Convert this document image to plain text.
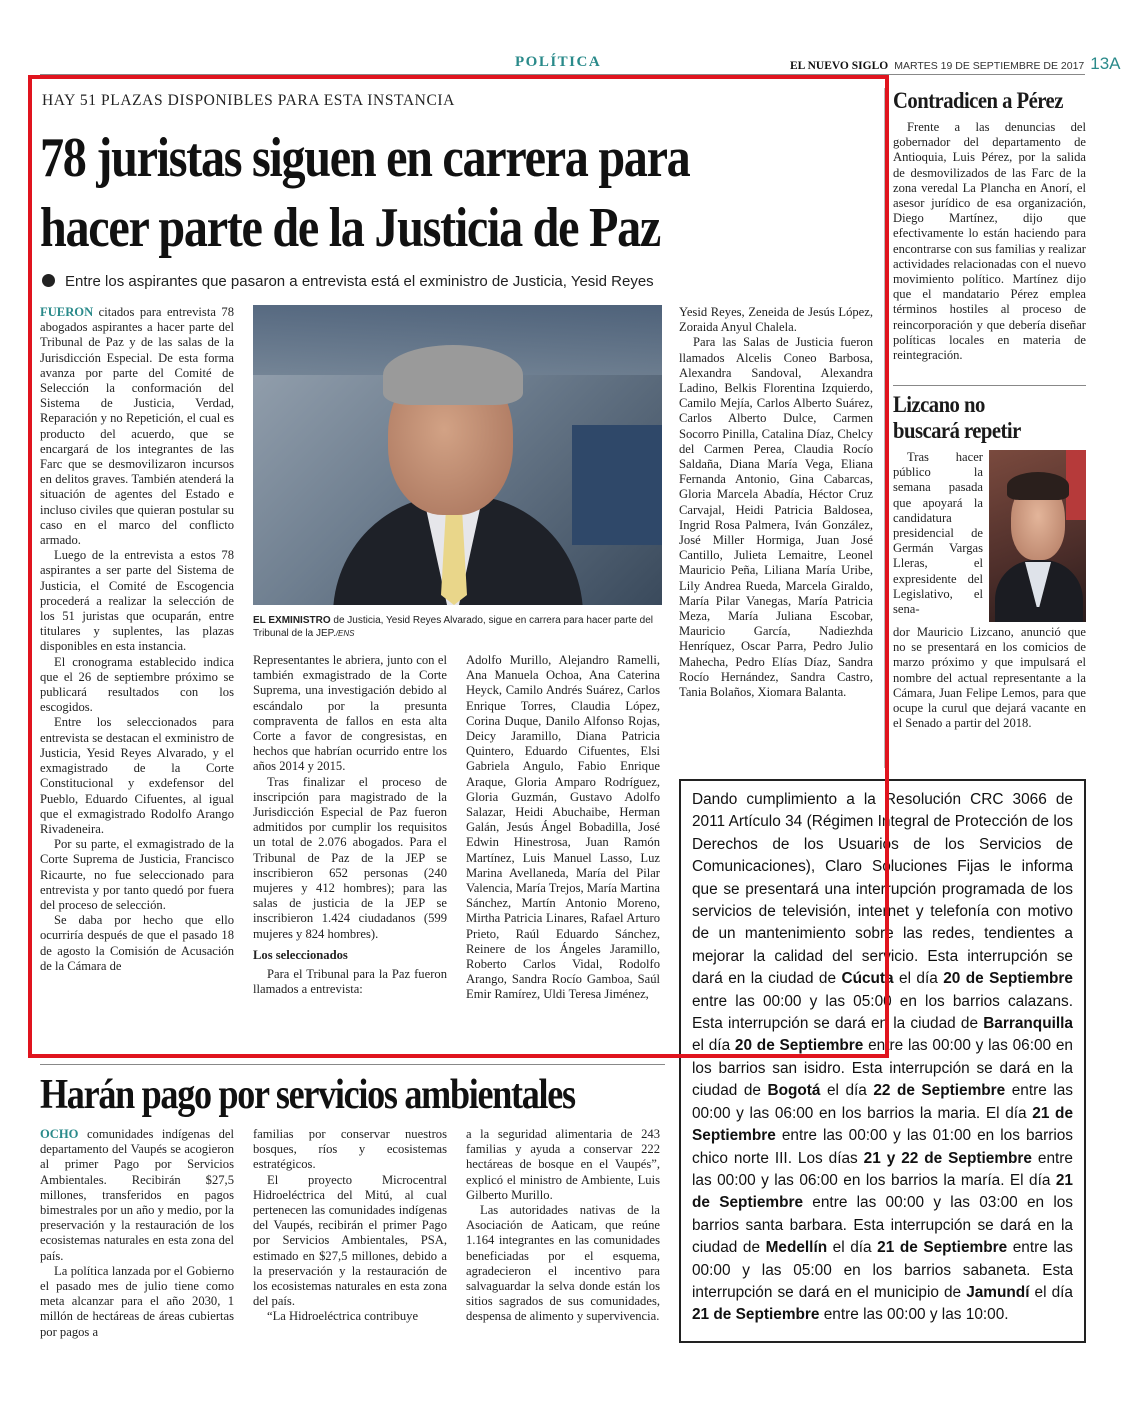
POLÍTICA	EL NUEVO SIGLO MARTES 19 DE SEPTIEMBRE DE 2017 13A
HAY 51 PLAZAS DISPONIBLES PARA ESTA INSTANCIA
78 juristas siguen en carrera para
hacer parte de la Justicia de Paz
Entre los aspirantes que pasaron a entrevista está el exministro de Justicia, Yesid Reyes

FUERON citados para entrevista 78 abogados aspirantes a hacer parte del Tribunal de Paz y de las salas de la Jurisdicción Especial. De esta forma avanza por parte del Comité de Selección la conformación del Sistema de Justicia, Verdad, Reparación y no Repetición, el cual es producto del acuerdo, que se encargará de los integrantes de las Farc que se desmovilizaron incursos en delitos graves. También atenderá la situación de agentes del Estado e incluso civiles que quieran postular su caso en el marco del conflicto armado.

Luego de la entrevista a estos 78 aspirantes a ser parte del Sistema de Justicia, el Comité de Escogencia procederá a realizar la selección de los 51 juristas que ocuparán, entre titulares y suplentes, las plazas disponibles en esta instancia.

El cronograma establecido indica que el 26 de septiembre próximo se publicará resultados con los escogidos.

Entre los seleccionados para entrevista se destacan el exministro de Justicia, Yesid Reyes Alvarado, y el exmagistrado de la Corte Constitucional y exdefensor del Pueblo, Eduardo Cifuentes, al igual que el exmagistrado Rodolfo Arango Rivadeneira.

Por su parte, el exmagistrado de la Corte Suprema de Justicia, Francisco Ricaurte, no fue seleccionado para entrevista y por tanto quedó por fuera del proceso de selección.

Se daba por hecho que ello ocurriría después de que el pasado 18 de agosto la Comisión de Acusación de la Cámara de

EL EXMINISTRO de Justicia, Yesid Reyes Alvarado, sigue en carrera para hacer parte del Tribunal de la JEP./ENS

Representantes le abriera, junto con el también exmagistrado de la Corte Suprema, una investigación debido al escándalo por la presunta compraventa de fallos en esta alta Corte a favor de congresistas, en hechos que habrían ocurrido entre los años 2014 y 2015.

Tras finalizar el proceso de inscripción para magistrado de la Jurisdicción Especial de Paz fueron admitidos por cumplir los requisitos un total de 2.076 abogados. Para el Tribunal de Paz de la JEP se inscribieron 652 personas (240 mujeres y 412 hombres); para las salas de justicia de la JEP se inscribieron 1.424 ciudadanos (599 mujeres y 824 hombres).

Los seleccionados

Para el Tribunal para la Paz fueron llamados a entrevista:

Adolfo Murillo, Alejandro Ramelli, Ana Manuela Ochoa, Ana Caterina Heyck, Camilo Andrés Suárez, Carlos Enrique Torres, Claudia López, Corina Duque, Danilo Alfonso Rojas, Deicy Jaramillo, Diana Patricia Quintero, Eduardo Cifuentes, Elsi Gabriela Angulo, Fabio Enrique Araque, Gloria Amparo Rodríguez, Gloria Guzmán, Gustavo Adolfo Salazar, Heidi Abuchaibe, Herman Galán, Jesús Ángel Bobadilla, José Edwin Hinestrosa, Juan Ramón Martínez, Luis Manuel Lasso, Luz Marina Avellaneda, María del Pilar Valencia, María Trejos, María Martina Sánchez, Martín Antonio Moreno, Mirtha Patricia Linares, Rafael Arturo Prieto, Raúl Eduardo Sánchez, Reinere de los Ángeles Jaramillo, Roberto Carlos Vidal, Rodolfo Arango, Sandra Rocío Gamboa, Saúl Emir Ramírez, Uldi Teresa Jiménez,

Yesid Reyes, Zeneida de Jesús López, Zoraida Anyul Chalela.

Para las Salas de Justicia fueron llamados Alcelis Coneo Barbosa, Alexandra Sandoval, Alexandra Ladino, Belkis Florentina Izquierdo, Camilo Mejía, Carlos Alberto Suárez, Carlos Alberto Dulce, Carmen Socorro Pinilla, Catalina Díaz, Chelcy del Carmen Perea, Claudia Rocío Saldaña, Diana María Vega, Eliana Fernanda Antonio, Gina Cabarcas, Gloria Marcela Abadía, Héctor Cruz Carvajal, Heidi Patricia Baldosea, Ingrid Rosa Palmera, Iván González, José Miller Hormiga, Juan José Cantillo, Julieta Lemaitre, Leonel Mauricio Peña, Liliana María Uribe, Lily Andrea Rueda, Marcela Giraldo, María Pilar Vanegas, María Patricia Meza, María Juliana Escobar, Mauricio García, Nadiezhda Henríquez, Oscar Parra, Pedro Julio Mahecha, Pedro Elías Díaz, Sandra Rocío Hernández, Sandra Castro, Tania Bolaños, Xiomara Balanta.

Contradicen a Pérez

Frente a las denuncias del gobernador del departamento de Antioquia, Luis Pérez, por la salida de desmovilizados de las Farc de la zona veredal La Plancha en Anorí, el asesor jurídico de esa organización, Diego Martínez, dijo que efectivamente lo están haciendo para encontrarse con sus familias y realizar actividades relacionadas con el nuevo movimiento político. Martínez dijo que el mandatario Pérez emplea términos hostiles al proceso de reincorporación y que debería diseñar políticas locales en materia de reintegración.

Lizcano no
buscará repetir

Tras hacer público la semana pasada que apoyará la candidatura presidencial de Germán Vargas Lleras, el expresidente del Legislativo, el sena-

dor Mauricio Lizcano, anunció que no se presentará en los comicios de marzo próximo y que impulsará el nombre del actual representante a la Cámara, Juan Felipe Lemos, para que ocupe la curul que dejará vacante en el Senado a partir del 2018.

Dando cumplimiento a la Resolución CRC 3066 de 2011 Artículo 34 (Régimen Integral de Protección de los Derechos de los Usuarios de los Servicios de Comunicaciones), Claro Soluciones Fijas le informa que se presentará una interrupción programada de los servicios de televisión, internet y telefonía con motivo de un mantenimiento sobre las redes, tendientes a mejorar la calidad del servicio. Esta interrupción se dará en la ciudad de Cúcuta el día 20 de Septiembre entre las 00:00 y las 05:00 en los barrios calazans. Esta interrupción se dará en la ciudad de Barranquilla el día 20 de Septiembre entre las 00:00 y las 06:00 en los barrios san isidro. Esta interrupción se dará en la ciudad de Bogotá el día 22 de Septiembre entre las 00:00 y las 06:00 en los barrios la maria. El día 21 de Septiembre entre las 00:00 y las 01:00 en los barrios chico norte III. Los días 21 y 22 de Septiembre entre las 00:00 y las 06:00 en los barrios la maría. El día 21 de Septiembre entre las 00:00 y las 03:00 en los barrios santa barbara. Esta interrupción se dará en la ciudad de Medellín el día 21 de Septiembre entre las 00:00 y las 05:00 en los barrios sabaneta. Esta interrupción se dará en el municipio de Jamundí el día 21 de Septiembre entre las 00:00 y las 10:00.
Harán pago por servicios ambientales

OCHO comunidades indígenas del departamento del Vaupés se acogieron al primer Pago por Servicios Ambientales. Recibirán $27,5 millones, transferidos en pagos bimestrales por un año y medio, por la preservación y la restauración de los ecosistemas naturales en esta zona del país.

La política lanzada por el Gobierno el pasado mes de julio tiene como meta alcanzar para el año 2030, 1 millón de hectáreas de áreas cubiertas por pagos a

familias por conservar nuestros bosques, ríos y ecosistemas estratégicos.

El proyecto Microcentral Hidroeléctrica del Mitú, al cual pertenecen las comunidades indígenas del Vaupés, recibirán el primer Pago por Servicios Ambientales, PSA, estimado en $27,5 millones, debido a la preservación y la restauración de los ecosistemas naturales en esta zona del país.

“La Hidroeléctrica contribuye

a la seguridad alimentaria de 243 familias y ayuda a conservar 222 hectáreas de bosque en el Vaupés”, explicó el ministro de Ambiente, Luis Gilberto Murillo.

Las autoridades nativas de la Asociación de Aaticam, que reúne 1.164 integrantes en las comunidades beneficiadas por el esquema, agradecieron el incentivo para salvaguardar la selva donde están los sitios sagrados de sus comunidades, despensa de alimento y supervivencia.
